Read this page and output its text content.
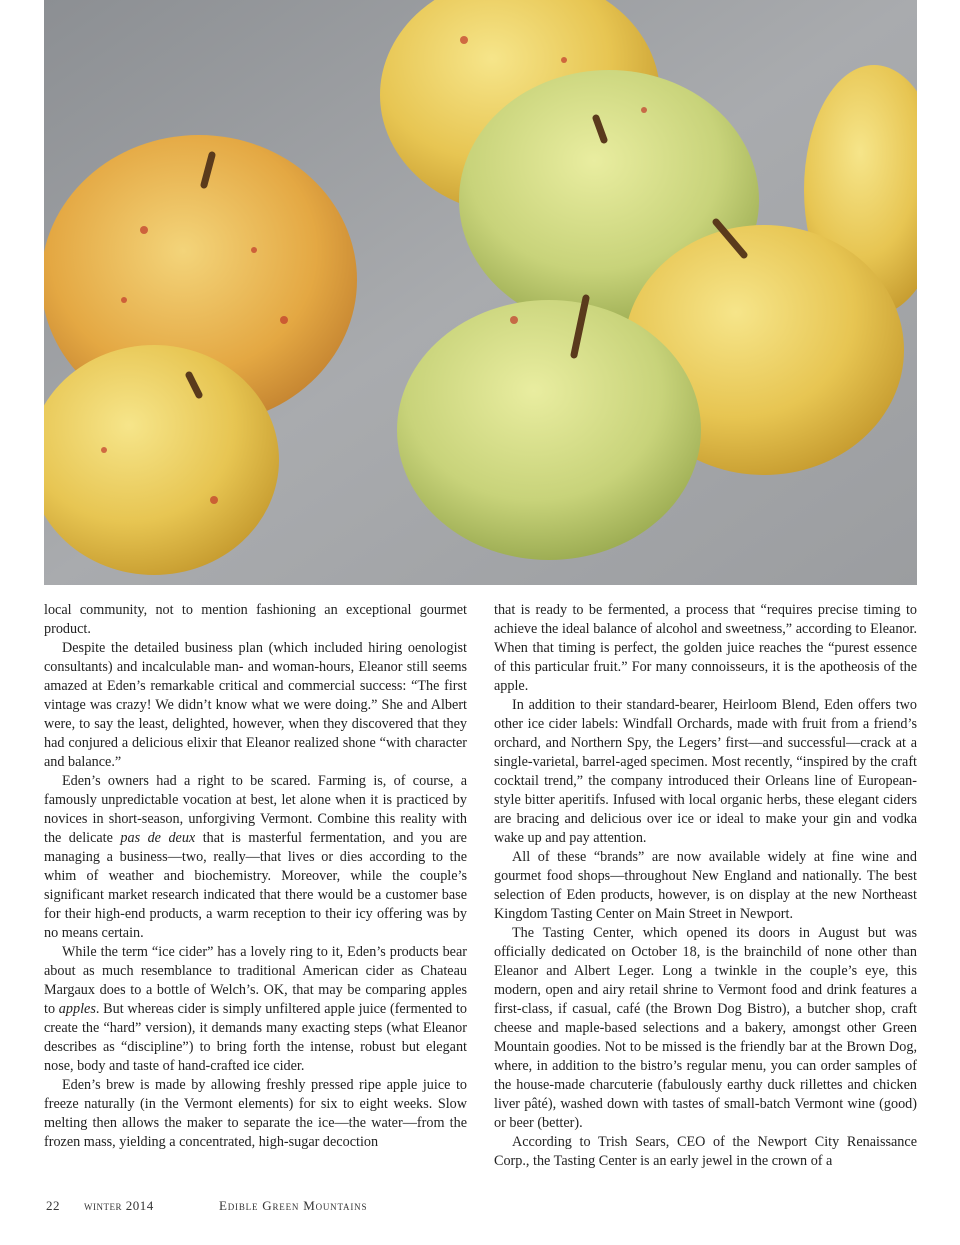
local community, not to mention fashioning an exceptional gourmet product.

Despite the detailed business plan (which included hiring oenologist consultants) and incalculable man- and woman-hours, Eleanor still seems amazed at Eden’s remarkable critical and commercial success: “The first vintage was crazy! We didn’t know what we were doing.” She and Albert were, to say the least, delighted, however, when they discovered that they had conjured a delicious elixir that Eleanor realized shone “with character and balance.”

Eden’s owners had a right to be scared. Farming is, of course, a famously unpredictable vocation at best, let alone when it is practiced by novices in short-season, unforgiving Vermont. Combine this reality with the delicate pas de deux that is masterful fermentation, and you are managing a business—two, really—that lives or dies according to the whim of weather and biochemistry. Moreover, while the couple’s significant market research indicated that there would be a customer base for their high-end products, a warm reception to their icy offering was by no means certain.

While the term “ice cider” has a lovely ring to it, Eden’s products bear about as much resemblance to traditional American cider as Chateau Margaux does to a bottle of Welch’s. OK, that may be comparing apples to apples. But whereas cider is simply unfiltered apple juice (fermented to create the “hard” version), it demands many exacting steps (what Eleanor describes as “discipline”) to bring forth the intense, robust but elegant nose, body and taste of hand-crafted ice cider.

Eden’s brew is made by allowing freshly pressed ripe apple juice to freeze naturally (in the Vermont elements) for six to eight weeks. Slow melting then allows the maker to separate the ice—the water—from the frozen mass, yielding a concentrated, high-sugar decoction

that is ready to be fermented, a process that “requires precise timing to achieve the ideal balance of alcohol and sweetness,” according to Eleanor. When that timing is perfect, the golden juice reaches the “purest essence of this particular fruit.” For many connoisseurs, it is the apotheosis of the apple.

In addition to their standard-bearer, Heirloom Blend, Eden offers two other ice cider labels: Windfall Orchards, made with fruit from a friend’s orchard, and Northern Spy, the Legers’ first—and successful—crack at a single-varietal, barrel-aged specimen. Most recently, “inspired by the craft cocktail trend,” the company introduced their Orleans line of European-style bitter aperitifs. Infused with local organic herbs, these elegant ciders are bracing and delicious over ice or ideal to make your gin and vodka wake up and pay attention.

All of these “brands” are now available widely at fine wine and gourmet food shops—throughout New England and nationally. The best selection of Eden products, however, is on display at the new Northeast Kingdom Tasting Center on Main Street in Newport.

The Tasting Center, which opened its doors in August but was officially dedicated on October 18, is the brainchild of none other than Eleanor and Albert Leger. Long a twinkle in the couple’s eye, this modern, open and airy retail shrine to Vermont food and drink features a first-class, if casual, café (the Brown Dog Bistro), a butcher shop, craft cheese and maple-based selections and a bakery, amongst other Green Mountain goodies. Not to be missed is the friendly bar at the Brown Dog, where, in addition to the bistro’s regular menu, you can order samples of the house-made charcuterie (fabulously earthy duck rillettes and chicken liver pâté), washed down with tastes of small-batch Vermont wine (good) or beer (better).

According to Trish Sears, CEO of the Newport City Renaissance Corp., the Tasting Center is an early jewel in the crown of a

22	winter 2014	Edible Green Mountains
